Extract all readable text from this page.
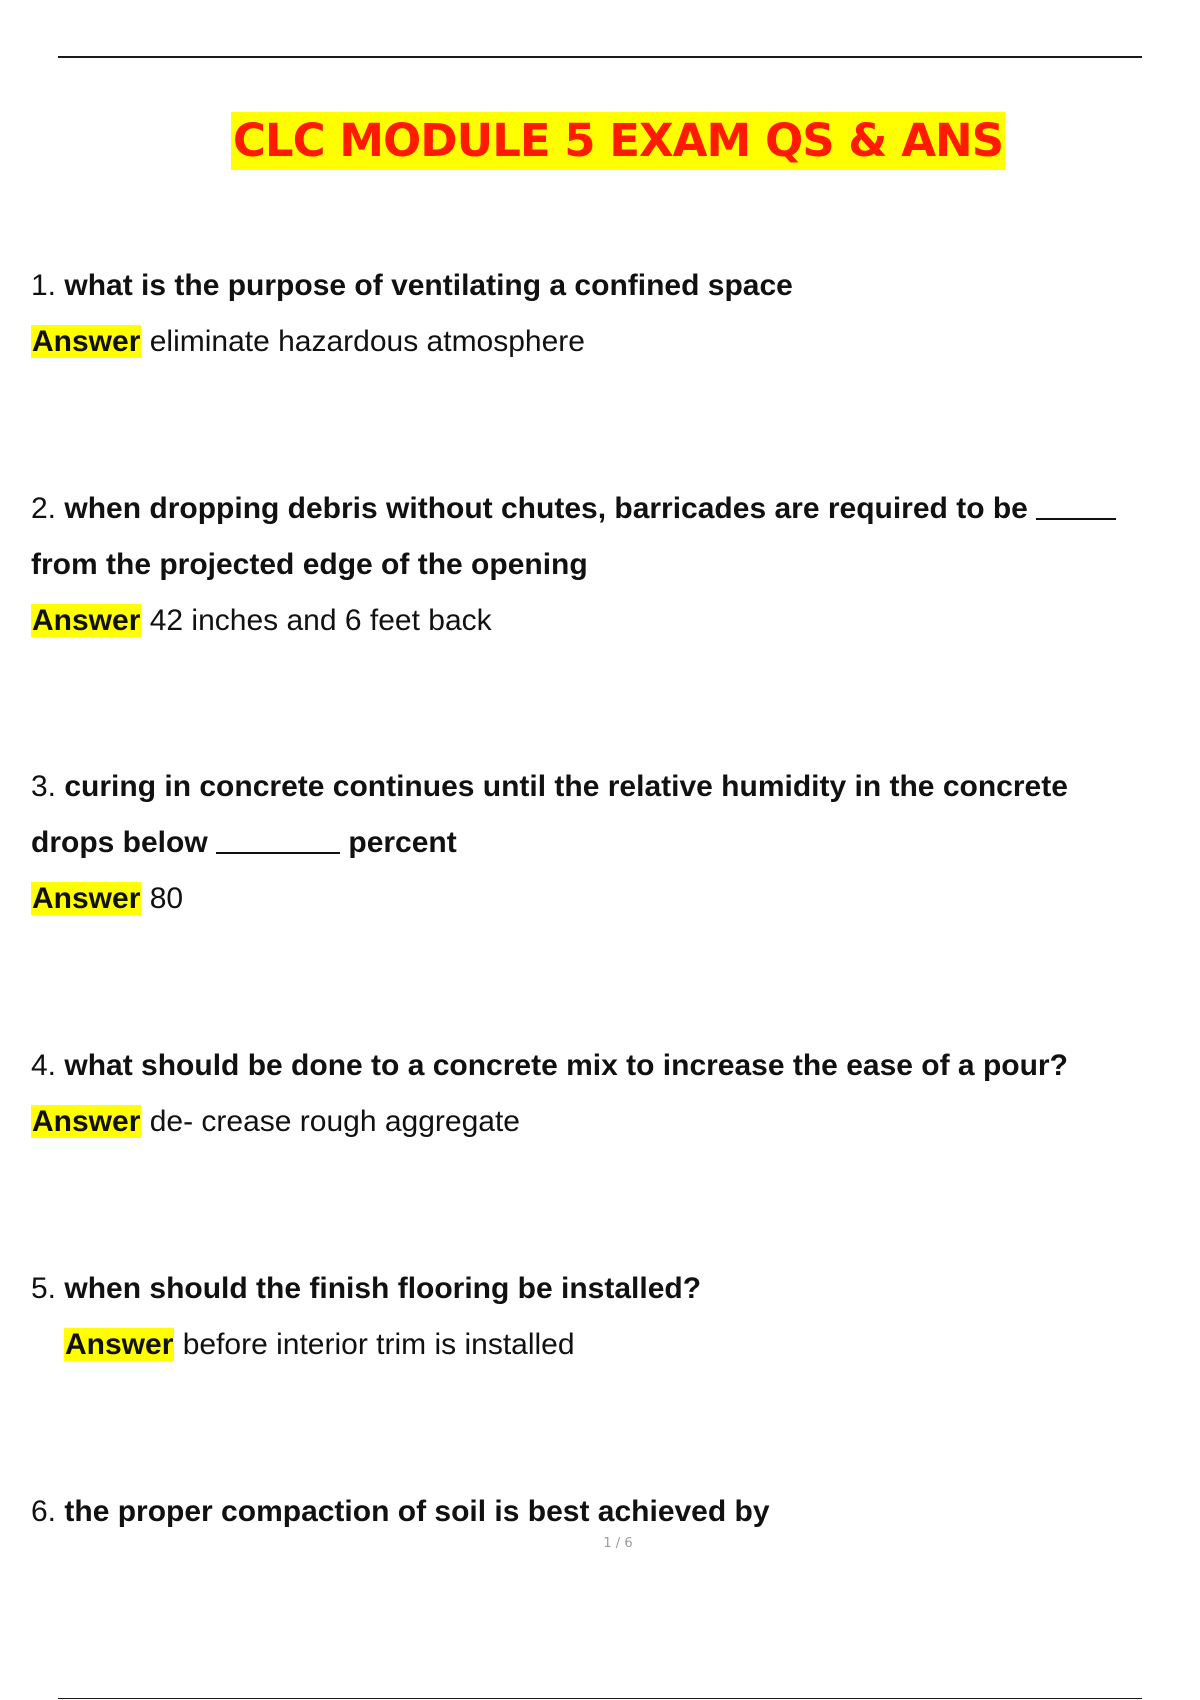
CLC MODULE 5 EXAM QS & ANS
1. what is the purpose of ventilating a confined space
Answer eliminate hazardous atmosphere
2. when dropping debris without chutes, barricades are required to be
from the projected edge of the opening
Answer 42 inches and 6 feet back
3. curing in concrete continues until the relative humidity in the concrete
drops below	percent
Answer 80
4. what should be done to a concrete mix to increase the ease of a pour?
Answer de- crease rough aggregate
5. when should the finish flooring be installed?
Answer before interior trim is installed
6. the proper compaction of soil is best achieved by
1 / 6
